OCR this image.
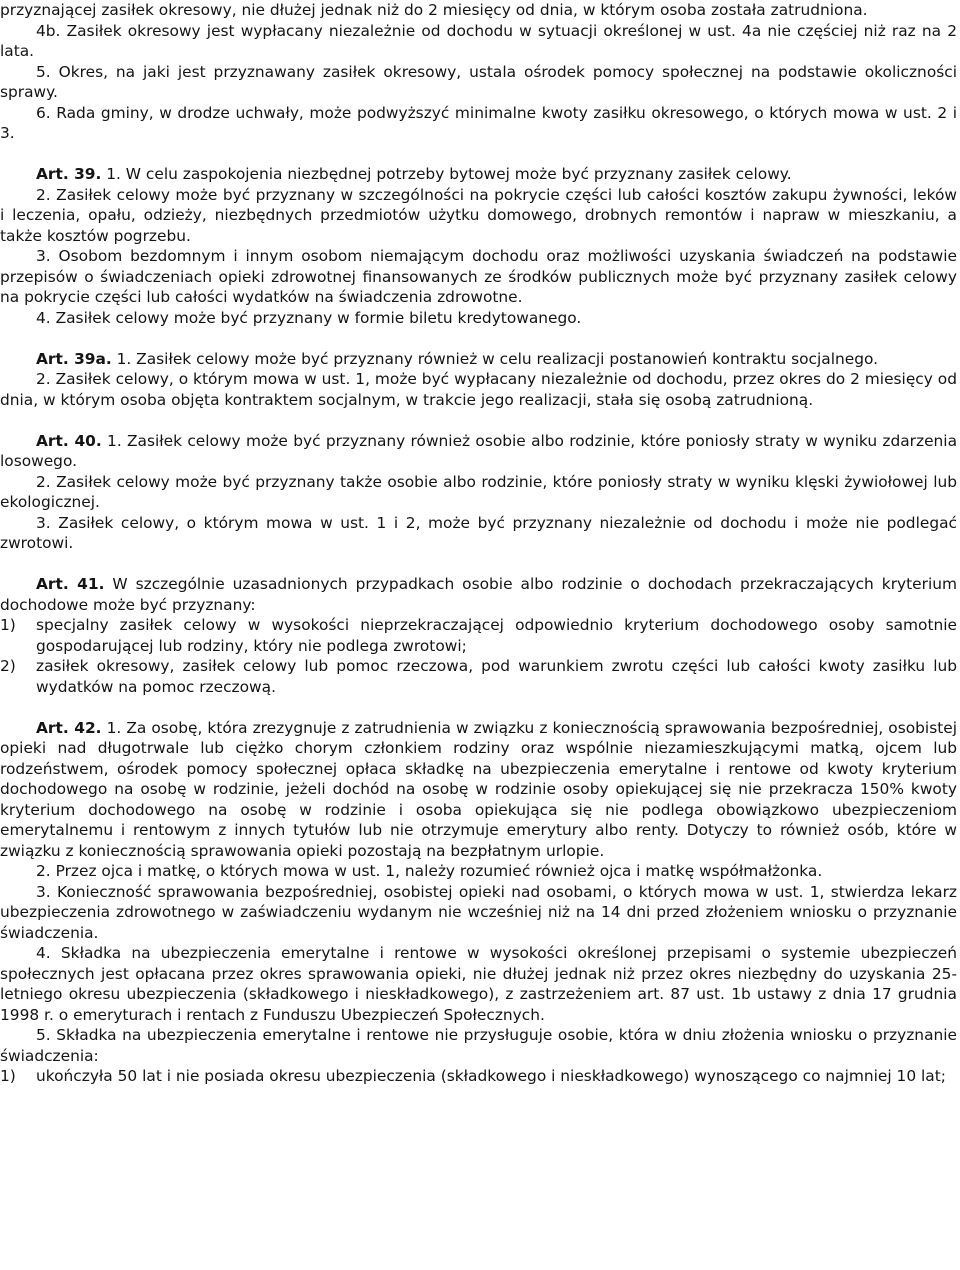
przyznającej zasiłek okresowy, nie dłużej jednak niż do 2 miesięcy od dnia, w którym osoba została zatrudniona.

4b. Zasiłek okresowy jest wypłacany niezależnie od dochodu w sytuacji określonej w ust. 4a nie częściej niż raz na 2 lata.

5. Okres, na jaki jest przyznawany zasiłek okresowy, ustala ośrodek pomocy społecznej na podstawie okoliczności sprawy.

6. Rada gminy, w drodze uchwały, może podwyższyć minimalne kwoty zasiłku okresowego, o których mowa w ust. 2 i 3.

Art. 39. 1. W celu zaspokojenia niezbędnej potrzeby bytowej może być przyznany zasiłek celowy.

2. Zasiłek celowy może być przyznany w szczególności na pokrycie części lub całości kosztów zakupu żywności, leków i leczenia, opału, odzieży, niezbędnych przedmiotów użytku domowego, drobnych remontów i napraw w mieszkaniu, a także kosztów pogrzebu.

3. Osobom bezdomnym i innym osobom niemającym dochodu oraz możliwości uzyskania świadczeń na podstawie przepisów o świadczeniach opieki zdrowotnej finansowanych ze środków publicznych może być przyznany zasiłek celowy na pokrycie części lub całości wydatków na świadczenia zdrowotne.

4. Zasiłek celowy może być przyznany w formie biletu kredytowanego.

Art. 39a. 1. Zasiłek celowy może być przyznany również w celu realizacji postanowień kontraktu socjalnego.

2. Zasiłek celowy, o którym mowa w ust. 1, może być wypłacany niezależnie od dochodu, przez okres do 2 miesięcy od dnia, w którym osoba objęta kontraktem socjalnym, w trakcie jego realizacji, stała się osobą zatrudnioną.

Art. 40. 1. Zasiłek celowy może być przyznany również osobie albo rodzinie, które poniosły straty w wyniku zdarzenia losowego.

2. Zasiłek celowy może być przyznany także osobie albo rodzinie, które poniosły straty w wyniku klęski żywiołowej lub ekologicznej.

3. Zasiłek celowy, o którym mowa w ust. 1 i 2, może być przyznany niezależnie od dochodu i może nie podlegać zwrotowi.

Art. 41. W szczególnie uzasadnionych przypadkach osobie albo rodzinie o dochodach przekraczających kryterium dochodowe może być przyznany:

1)	specjalny zasiłek celowy w wysokości nieprzekraczającej odpowiednio kryterium dochodowego osoby samotnie gospodarującej lub rodziny, który nie podlega zwrotowi;
2)	zasiłek okresowy, zasiłek celowy lub pomoc rzeczowa, pod warunkiem zwrotu części lub całości kwoty zasiłku lub wydatków na pomoc rzeczową.

Art. 42. 1. Za osobę, która zrezygnuje z zatrudnienia w związku z koniecznością sprawowania bezpośredniej, osobistej opieki nad długotrwale lub ciężko chorym członkiem rodziny oraz wspólnie niezamieszkującymi matką, ojcem lub rodzeństwem, ośrodek pomocy społecznej opłaca składkę na ubezpieczenia emerytalne i rentowe od kwoty kryterium dochodowego na osobę w rodzinie, jeżeli dochód na osobę w rodzinie osoby opiekującej się nie przekracza 150% kwoty kryterium dochodowego na osobę w rodzinie i osoba opiekująca się nie podlega obowiązkowo ubezpieczeniom emerytalnemu i rentowym z innych tytułów lub nie otrzymuje emerytury albo renty. Dotyczy to również osób, które w związku z koniecznością sprawowania opieki pozostają na bezpłatnym urlopie.

2. Przez ojca i matkę, o których mowa w ust. 1, należy rozumieć również ojca i matkę współmałżonka.

3. Konieczność sprawowania bezpośredniej, osobistej opieki nad osobami, o których mowa w ust. 1, stwierdza lekarz ubezpieczenia zdrowotnego w zaświadczeniu wydanym nie wcześniej niż na 14 dni przed złożeniem wniosku o przyznanie świadczenia.

4. Składka na ubezpieczenia emerytalne i rentowe w wysokości określonej przepisami o systemie ubezpieczeń społecznych jest opłacana przez okres sprawowania opieki, nie dłużej jednak niż przez okres niezbędny do uzyskania 25-letniego okresu ubezpieczenia (składkowego i nieskładkowego), z zastrzeżeniem art. 87 ust. 1b ustawy z dnia 17 grudnia 1998 r. o emeryturach i rentach z Funduszu Ubezpieczeń Społecznych.

5. Składka na ubezpieczenia emerytalne i rentowe nie przysługuje osobie, która w dniu złożenia wniosku o przyznanie świadczenia:

1)	ukończyła 50 lat i nie posiada okresu ubezpieczenia (składkowego i nieskładkowego) wynoszącego co najmniej 10 lat;
